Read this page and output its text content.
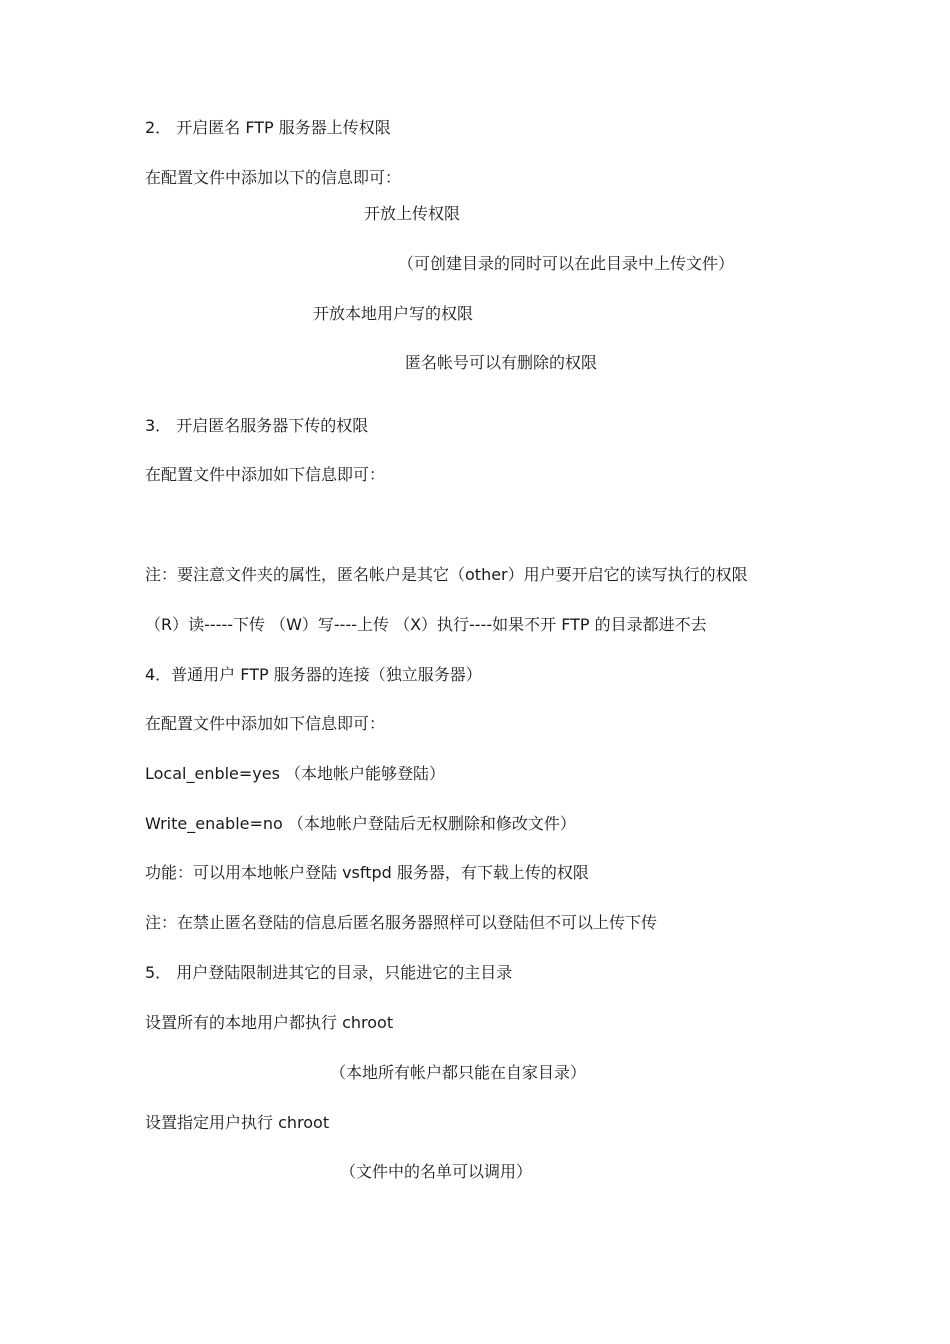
2． 开启匿名 FTP 服务器上传权限
在配置文件中添加以下的信息即可：
开放上传权限
（可创建目录的同时可以在此目录中上传文件）
开放本地用户写的权限
匿名帐号可以有删除的权限
3． 开启匿名服务器下传的权限
在配置文件中添加如下信息即可：
注：要注意文件夹的属性，匿名帐户是其它（other）用户要开启它的读写执行的权限
（R）读-----下传 （W）写----上传 （X）执行----如果不开 FTP 的目录都进不去
4．普通用户 FTP 服务器的连接（独立服务器）
在配置文件中添加如下信息即可：
Local_enble=yes （本地帐户能够登陆）
Write_enable=no （本地帐户登陆后无权删除和修改文件）
功能：可以用本地帐户登陆 vsftpd 服务器，有下载上传的权限
注：在禁止匿名登陆的信息后匿名服务器照样可以登陆但不可以上传下传
5． 用户登陆限制进其它的目录，只能进它的主目录
设置所有的本地用户都执行 chroot
（本地所有帐户都只能在自家目录）
设置指定用户执行 chroot
（文件中的名单可以调用）
